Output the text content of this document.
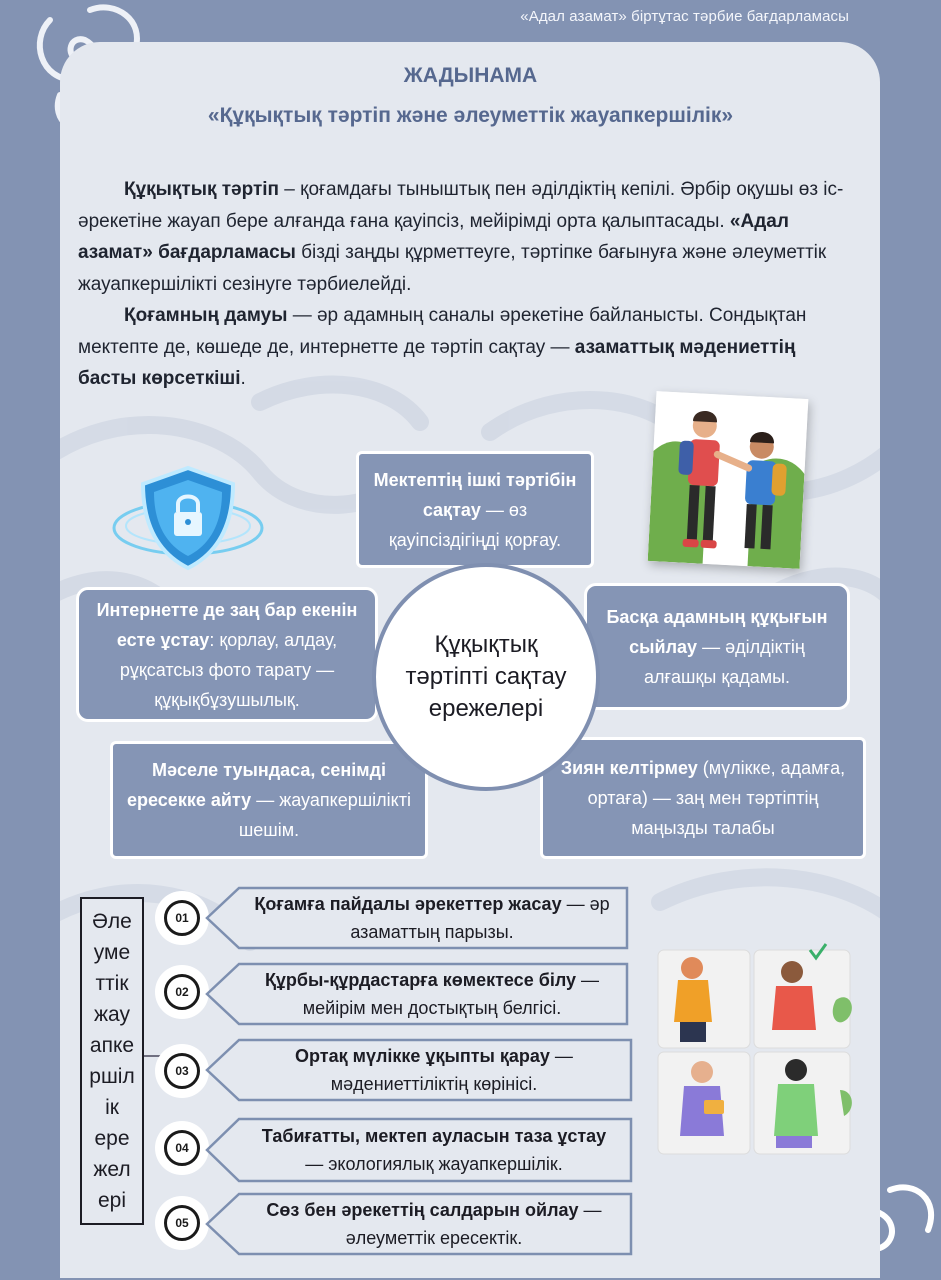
«Адал азамат» біртұтас тәрбие бағдарламасы
ЖАДЫНАМА
«Құқықтық тәртіп және әлеуметтік жауапкершілік»

Құқықтық тәртіп – қоғамдағы тыныштық пен әділдіктің кепілі. Әрбір оқушы өз іс-әрекетіне жауап бере алғанда ғана қауіпсіз, мейірімді орта қалыптасады. «Адал азамат» бағдарламасы бізді заңды құрметтеуге, тәртіпке бағынуға және әлеуметтік жауапкершілікті сезінуге тәрбиелейді.

Қоғамның дамуы — әр адамның саналы әрекетіне байланысты. Сондықтан мектепте де, көшеде де, интернетте де тәртіп сақтау — азаматтық мәдениеттің басты көрсеткіші.

Мектептің ішкі тәртібін сақтау — өз қауіпсіздігіңді қорғау.
Интернетте де заң бар екенін есте ұстау: қорлау, алдау, рұқсатсыз фото тарату — құқықбұзушылық.
Басқа адамның құқығын сыйлау — әділдіктің алғашқы қадамы.
Мәселе туындаса, сенімді ересекке айту — жауапкершілікті шешім.
Зиян келтірмеу (мүлікке, адамға, ортаға) — заң мен тәртіптің маңызды талабы
Құқықтық тәртіпті сақтау ережелері
Әле
уме
ттік
жау
апке
ршіл
ік
ере
жел
ері
01
Қоғамға пайдалы әрекеттер жасау — әр азаматтың парызы.
02
Құрбы-құрдастарға көмектесе білу — мейірім мен достықтың белгісі.
03
Ортақ мүлікке ұқыпты қарау — мәдениеттіліктің көрінісі.
04
Табиғатты, мектеп ауласын таза ұстау — экологиялық жауапкершілік.
05
Сөз бен әрекеттің салдарын ойлау — әлеуметтік ересектік.
